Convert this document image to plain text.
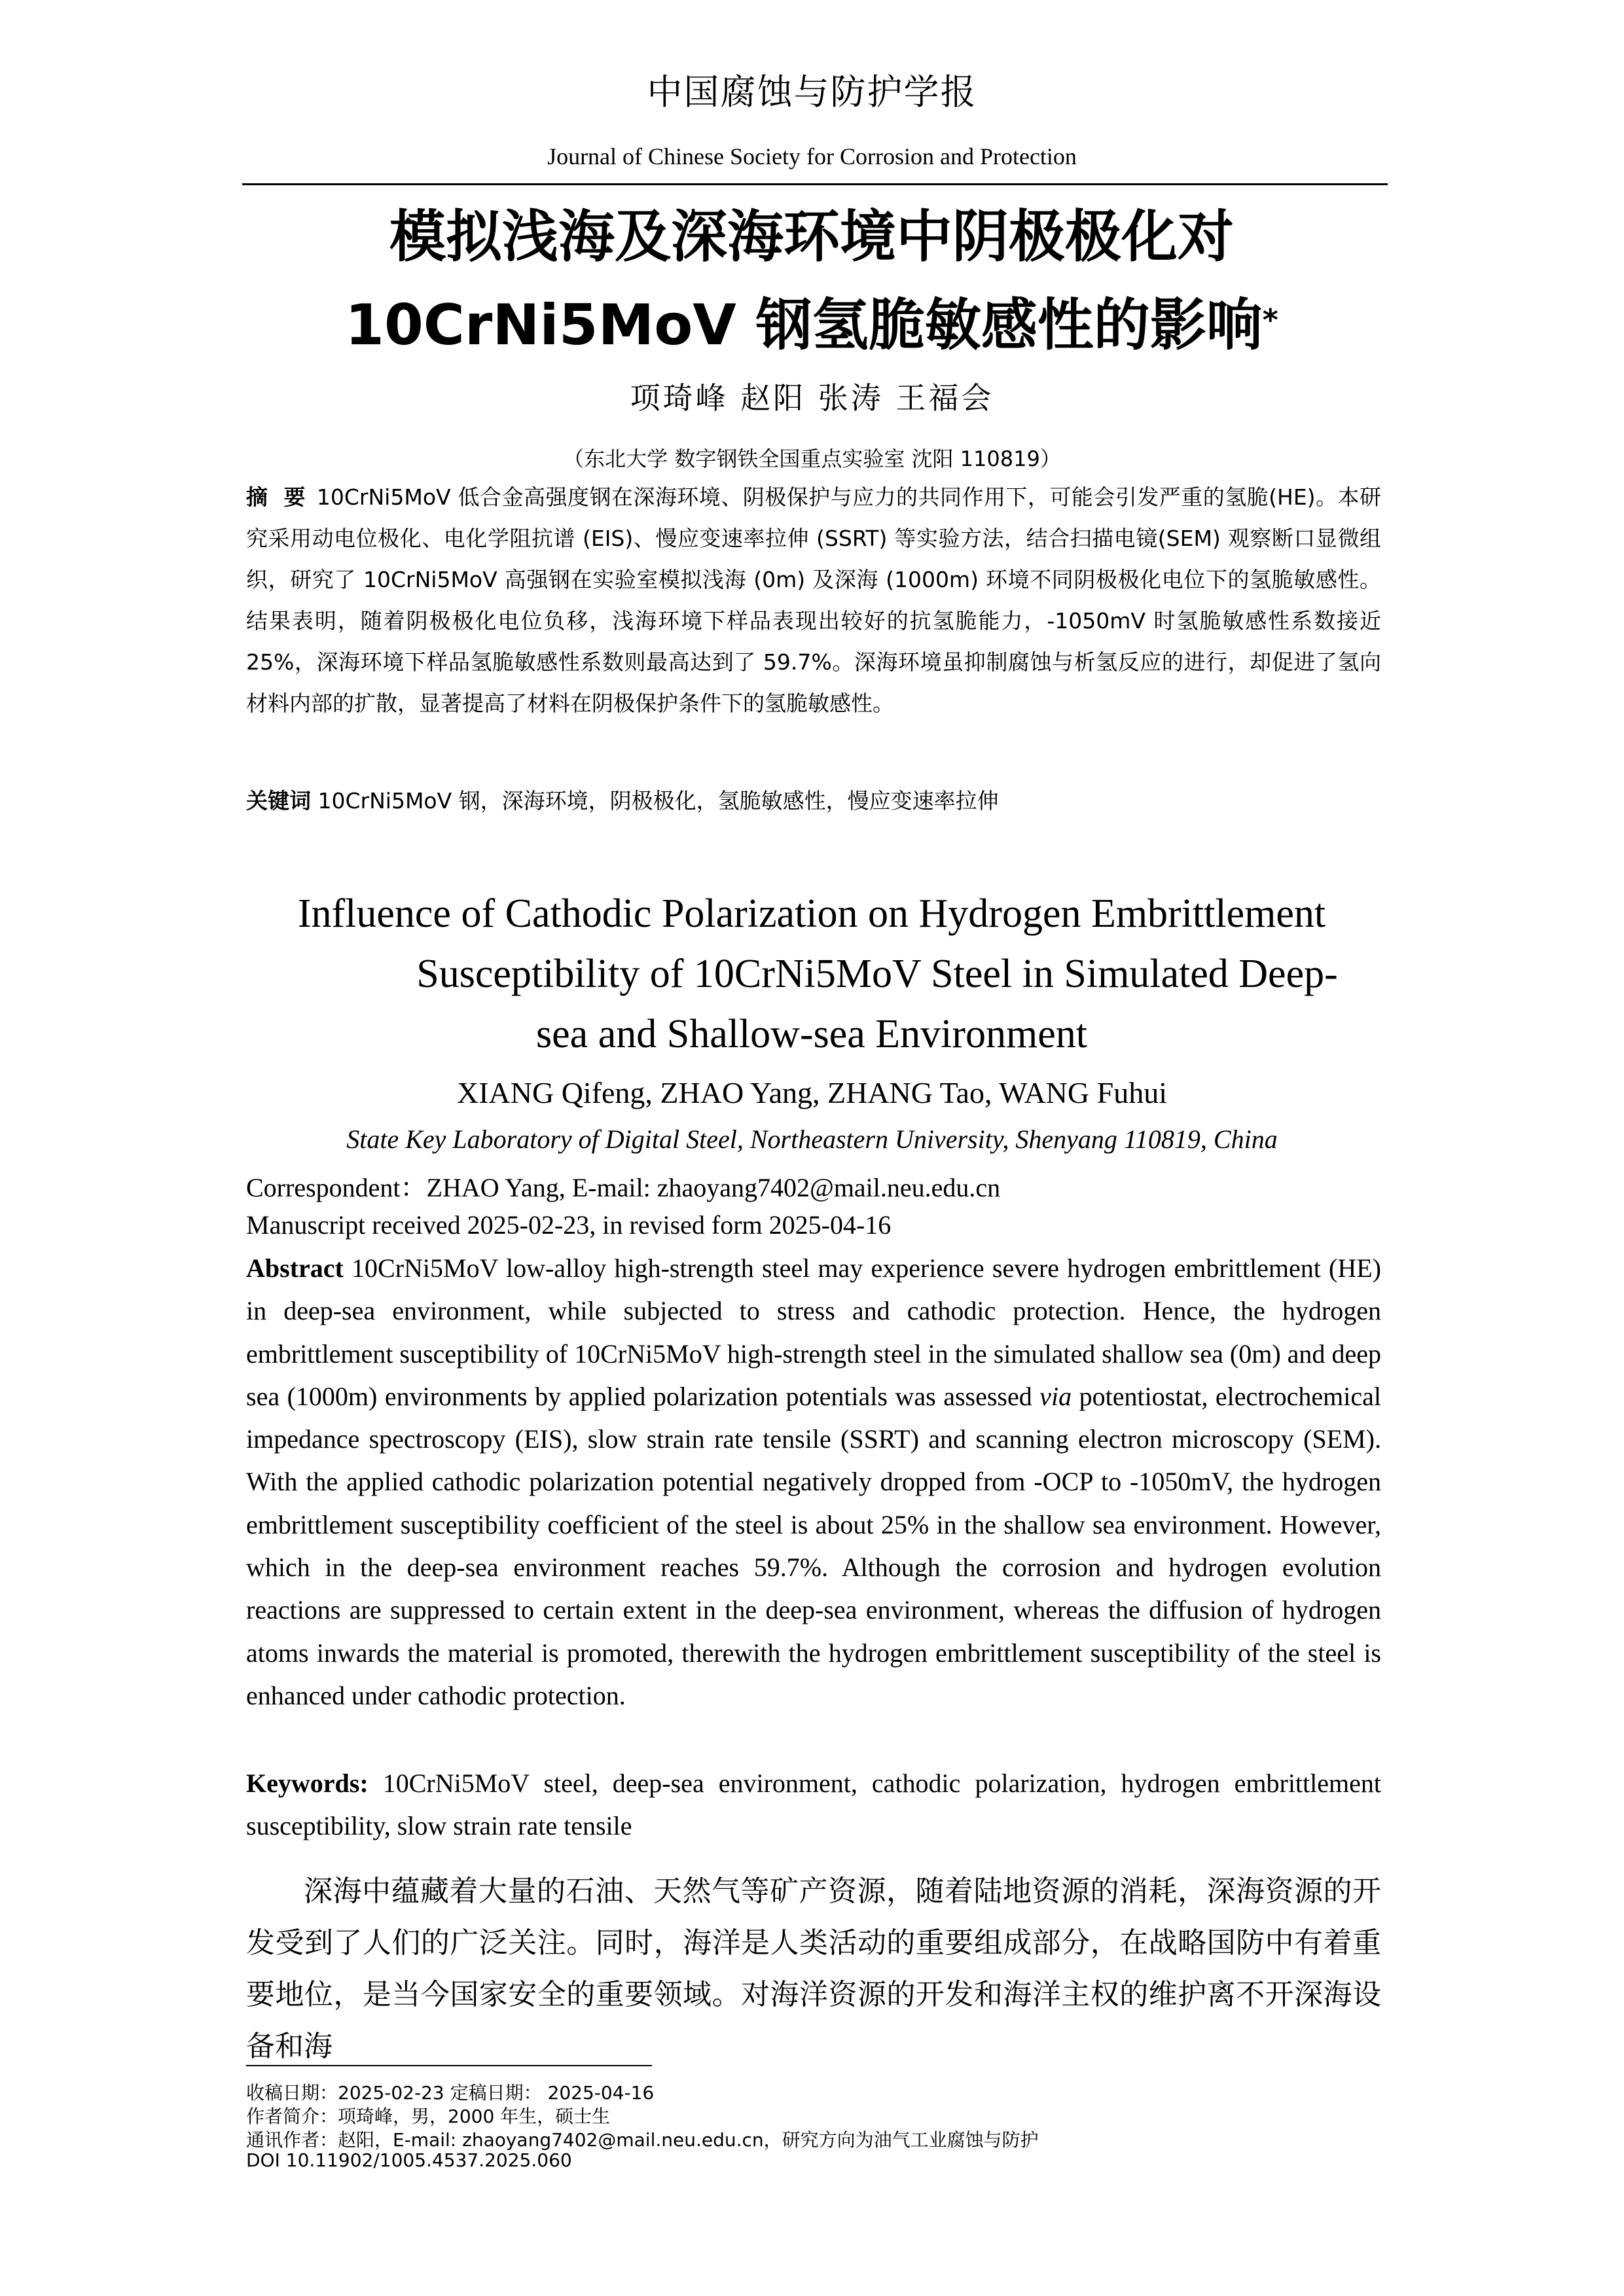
中国腐蚀与防护学报
Journal of Chinese Society for Corrosion and Protection
模拟浅海及深海环境中阴极极化对
10CrNi5MoV 钢氢脆敏感性的影响*
项琦峰 赵阳 张涛 王福会
（东北大学 数字钢铁全国重点实验室 沈阳 110819）
摘 要 10CrNi5MoV 低合金高强度钢在深海环境、阴极保护与应力的共同作用下，可能会引发严重的氢脆(HE)。本研究采用动电位极化、电化学阻抗谱 (EIS)、慢应变速率拉伸 (SSRT) 等实验方法，结合扫描电镜(SEM) 观察断口显微组织，研究了 10CrNi5MoV 高强钢在实验室模拟浅海 (0m) 及深海 (1000m) 环境不同阴极极化电位下的氢脆敏感性。结果表明，随着阴极极化电位负移，浅海环境下样品表现出较好的抗氢脆能力，-1050mV 时氢脆敏感性系数接近 25%，深海环境下样品氢脆敏感性系数则最高达到了 59.7%。深海环境虽抑制腐蚀与析氢反应的进行，却促进了氢向材料内部的扩散，显著提高了材料在阴极保护条件下的氢脆敏感性。
关键词 10CrNi5MoV 钢，深海环境，阴极极化，氢脆敏感性，慢应变速率拉伸
Influence of Cathodic Polarization on Hydrogen Embrittlement
Susceptibility of 10CrNi5MoV Steel in Simulated Deep-
sea and Shallow-sea Environment
XIANG Qifeng, ZHAO Yang, ZHANG Tao, WANG Fuhui
State Key Laboratory of Digital Steel, Northeastern University, Shenyang 110819, China
Correspondent：ZHAO Yang, E-mail: zhaoyang7402@mail.neu.edu.cn
Manuscript received 2025-02-23, in revised form 2025-04-16
Abstract 10CrNi5MoV low-alloy high-strength steel may experience severe hydrogen embrittlement (HE) in deep-sea environment, while subjected to stress and cathodic protection. Hence, the hydrogen embrittlement susceptibility of 10CrNi5MoV high-strength steel in the simulated shallow sea (0m) and deep sea (1000m) environments by applied polarization potentials was assessed via potentiostat, electrochemical impedance spectroscopy (EIS), slow strain rate tensile (SSRT) and scanning electron microscopy (SEM). With the applied cathodic polarization potential negatively dropped from -OCP to -1050mV, the hydrogen embrittlement susceptibility coefficient of the steel is about 25% in the shallow sea environment. However, which in the deep-sea environment reaches 59.7%. Although the corrosion and hydrogen evolution reactions are suppressed to certain extent in the deep-sea environment, whereas the diffusion of hydrogen atoms inwards the material is promoted, therewith the hydrogen embrittlement susceptibility of the steel is enhanced under cathodic protection.
Keywords: 10CrNi5MoV steel, deep-sea environment, cathodic polarization, hydrogen embrittlement susceptibility, slow strain rate tensile
深海中蕴藏着大量的石油、天然气等矿产资源，随着陆地资源的消耗，深海资源的开发受到了人们的广泛关注。同时，海洋是人类活动的重要组成部分，在战略国防中有着重要地位，是当今国家安全的重要领域。对海洋资源的开发和海洋主权的维护离不开深海设备和海
收稿日期：2025-02-23 定稿日期： 2025-04-16
作者简介：项琦峰，男，2000 年生，硕士生
通讯作者：赵阳，E-mail: zhaoyang7402@mail.neu.edu.cn，研究方向为油气工业腐蚀与防护
DOI 10.11902/1005.4537.2025.060
